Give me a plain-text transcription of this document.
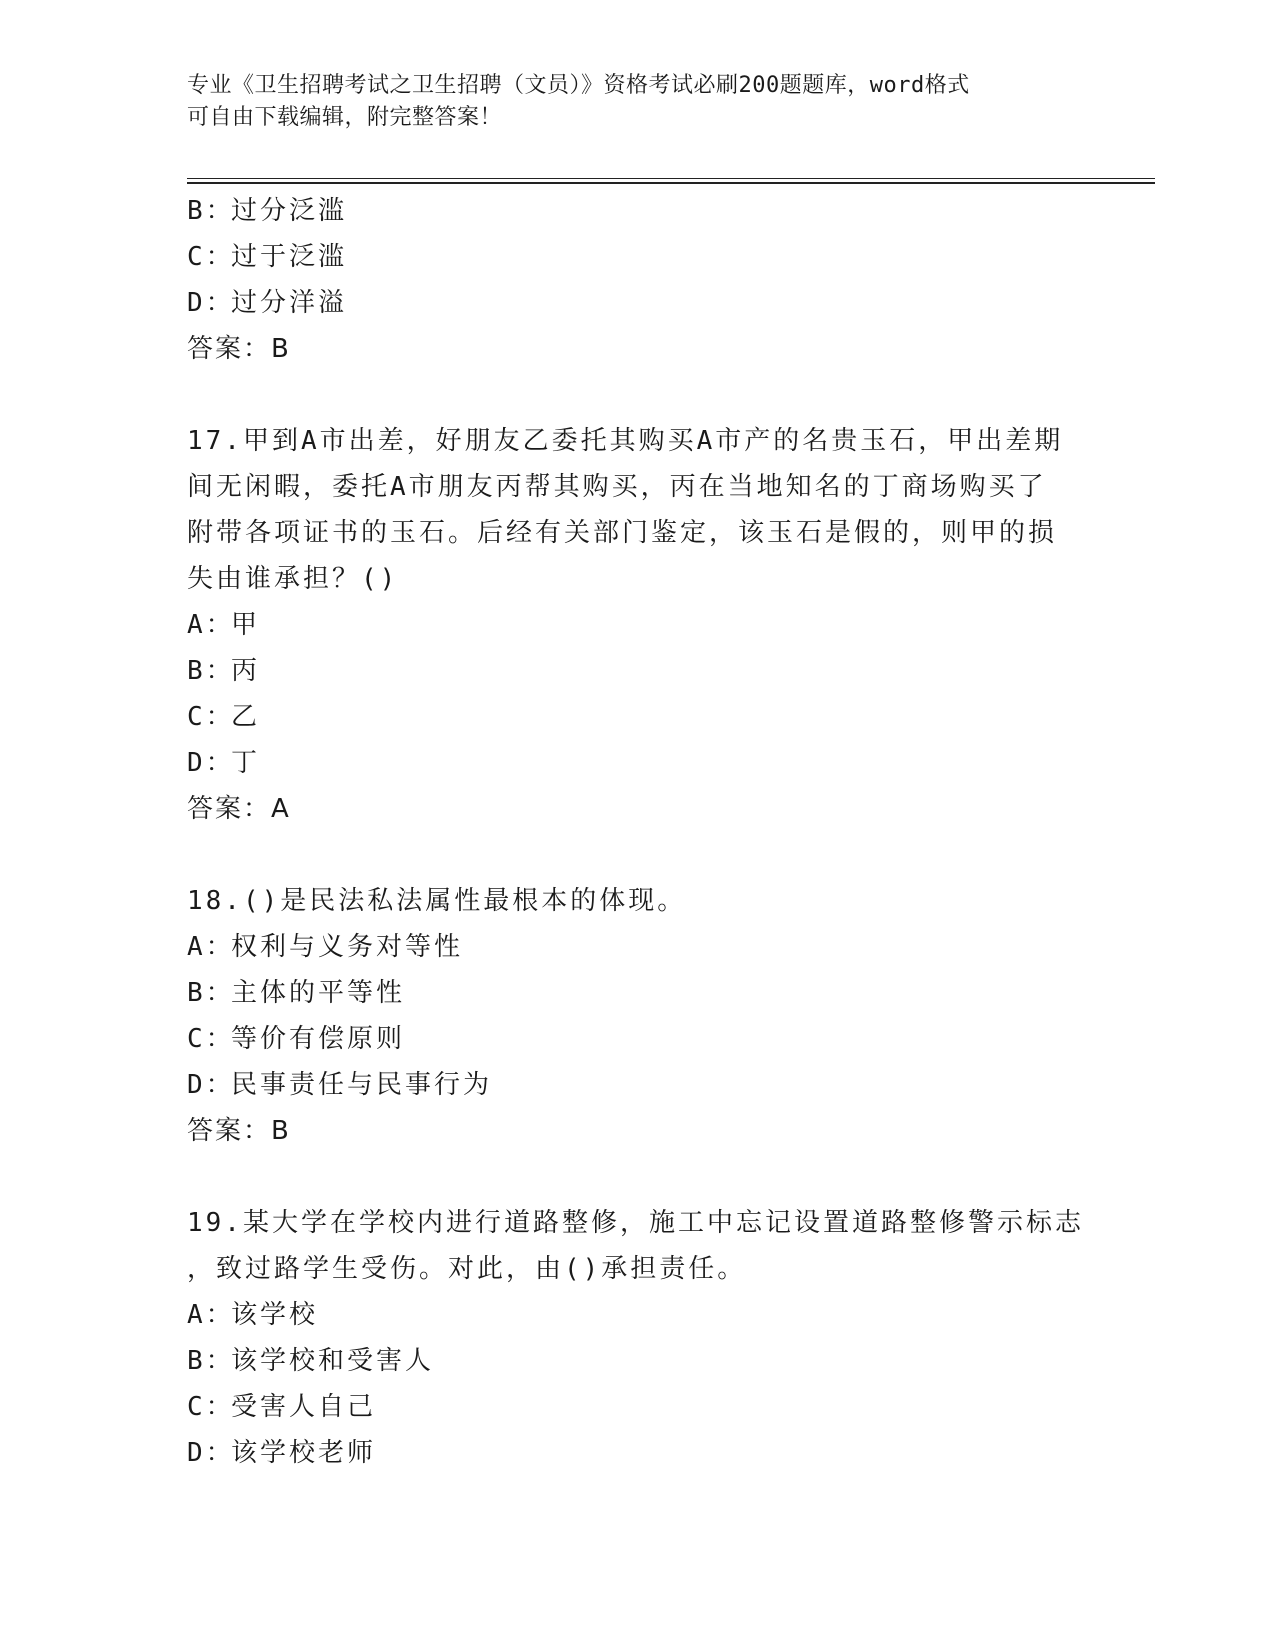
专业《卫生招聘考试之卫生招聘（文员）》资格考试必刷200题题库，word格式
可自由下载编辑，附完整答案！
B：过分泛滥
C：过于泛滥
D：过分洋溢
答案：B
17.甲到A市出差，好朋友乙委托其购买A市产的名贵玉石，甲出差期
间无闲暇，委托A市朋友丙帮其购买，丙在当地知名的丁商场购买了
附带各项证书的玉石。后经有关部门鉴定，该玉石是假的，则甲的损
失由谁承担？()
A：甲
B：丙
C：乙
D：丁
答案：A
18.()是民法私法属性最根本的体现。
A：权利与义务对等性
B：主体的平等性
C：等价有偿原则
D：民事责任与民事行为
答案：B
19.某大学在学校内进行道路整修，施工中忘记设置道路整修警示标志
，致过路学生受伤。对此，由()承担责任。
A：该学校
B：该学校和受害人
C：受害人自己
D：该学校老师
